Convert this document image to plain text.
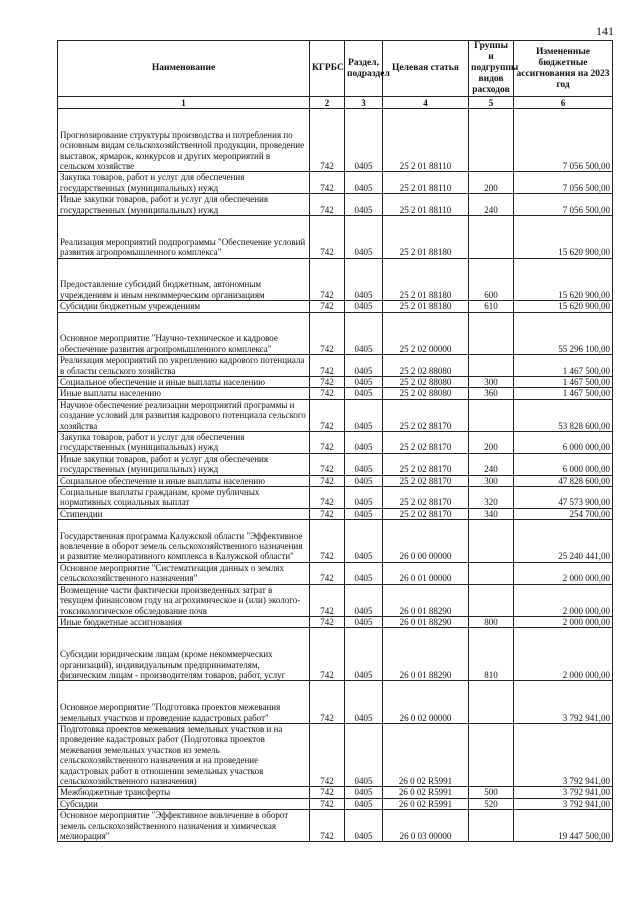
141
Наименование	КГРБС	Раздел, подраздел	Целевая статья	Группы и подгруппы видов расходов	Измененные бюджетные ассигнования на 2023 год
1	2	3	4	5	6
Прогнозирование структуры производства и потребления по основным видам сельскохозяйственной продукции, проведение выставок, ярмарок, конкурсов и других мероприятий в сельском хозяйстве	742	0405	25 2 01 88110		7 056 500,00
Закупка товаров, работ и услуг для обеспечения государственных (муниципальных) нужд	742	0405	25 2 01 88110	200	7 056 500,00
Иные закупки товаров, работ и услуг для обеспечения государственных (муниципальных) нужд	742	0405	25 2 01 88110	240	7 056 500,00
Реализация мероприятий подпрограммы "Обеспечение условий развития агропромышленного комплекса"	742	0405	25 2 01 88180		15 620 900,00
Предоставление субсидий бюджетным, автономным учреждениям и иным некоммерческим организациям	742	0405	25 2 01 88180	600	15 620 900,00
Субсидии бюджетным учреждениям	742	0405	25 2 01 88180	610	15 620 900,00
Основное мероприятие "Научно-техническое и кадровое обеспечение развития агропромышленного комплекса"	742	0405	25 2 02 00000		55 296 100,00
Реализация мероприятий по укреплению кадрового потенциала в области сельского хозяйства	742	0405	25 2 02 88080		1 467 500,00
Социальное обеспечение и иные выплаты населению	742	0405	25 2 02 88080	300	1 467 500,00
Иные выплаты населению	742	0405	25 2 02 88080	360	1 467 500,00
Научное обеспечение реализации мероприятий программы и создание условий для развития кадрового потенциала сельского хозяйства	742	0405	25 2 02 88170		53 828 600,00
Закупка товаров, работ и услуг для обеспечения государственных (муниципальных) нужд	742	0405	25 2 02 88170	200	6 000 000,00
Иные закупки товаров, работ и услуг для обеспечения государственных (муниципальных) нужд	742	0405	25 2 02 88170	240	6 000 000,00
Социальное обеспечение и иные выплаты населению	742	0405	25 2 02 88170	300	47 828 600,00
Социальные выплаты гражданам, кроме публичных нормативных социальных выплат	742	0405	25 2 02 88170	320	47 573 900,00
Стипендии	742	0405	25 2 02 88170	340	254 700,00
Государственная программа Калужской области "Эффективное вовлечение в оборот земель сельскохозяйственного назначения и развитие мелиоративного комплекса в Калужской области"	742	0405	26 0 00 00000		25 240 441,00
Основное мероприятие "Систематизация данных о землях сельскохозяйственного назначения"	742	0405	26 0 01 00000		2 000 000,00
Возмещение части фактически произведенных затрат в текущем финансовом году на агрохимическое и (или) эколого-токсикологическое обследование почв	742	0405	26 0 01 88290		2 000 000,00
Иные бюджетные ассигнования	742	0405	26 0 01 88290	800	2 000 000,00
Субсидии юридическим лицам (кроме некоммерческих организаций), индивидуальным предпринимателям, физическим лицам - производителям товаров, работ, услуг	742	0405	26 0 01 88290	810	2 000 000,00
Основное мероприятие "Подготовка проектов межевания земельных участков и проведение кадастровых работ"	742	0405	26 0 02 00000		3 792 941,00
Подготовка проектов межевания земельных участков и на проведение кадастровых работ (Подготовка проектов межевания земельных участков из земель сельскохозяйственного назначения и на проведение кадастровых работ в отношении земельных участков сельскохозяйственного назначения)	742	0405	26 0 02 R5991		3 792 941,00
Межбюджетные трансферты	742	0405	26 0 02 R5991	500	3 792 941,00
Субсидии	742	0405	26 0 02 R5991	520	3 792 941,00
Основное мероприятие "Эффективное вовлечение в оборот земель сельскохозяйственного назначения и химическая мелиорация"	742	0405	26 0 03 00000		19 447 500,00
